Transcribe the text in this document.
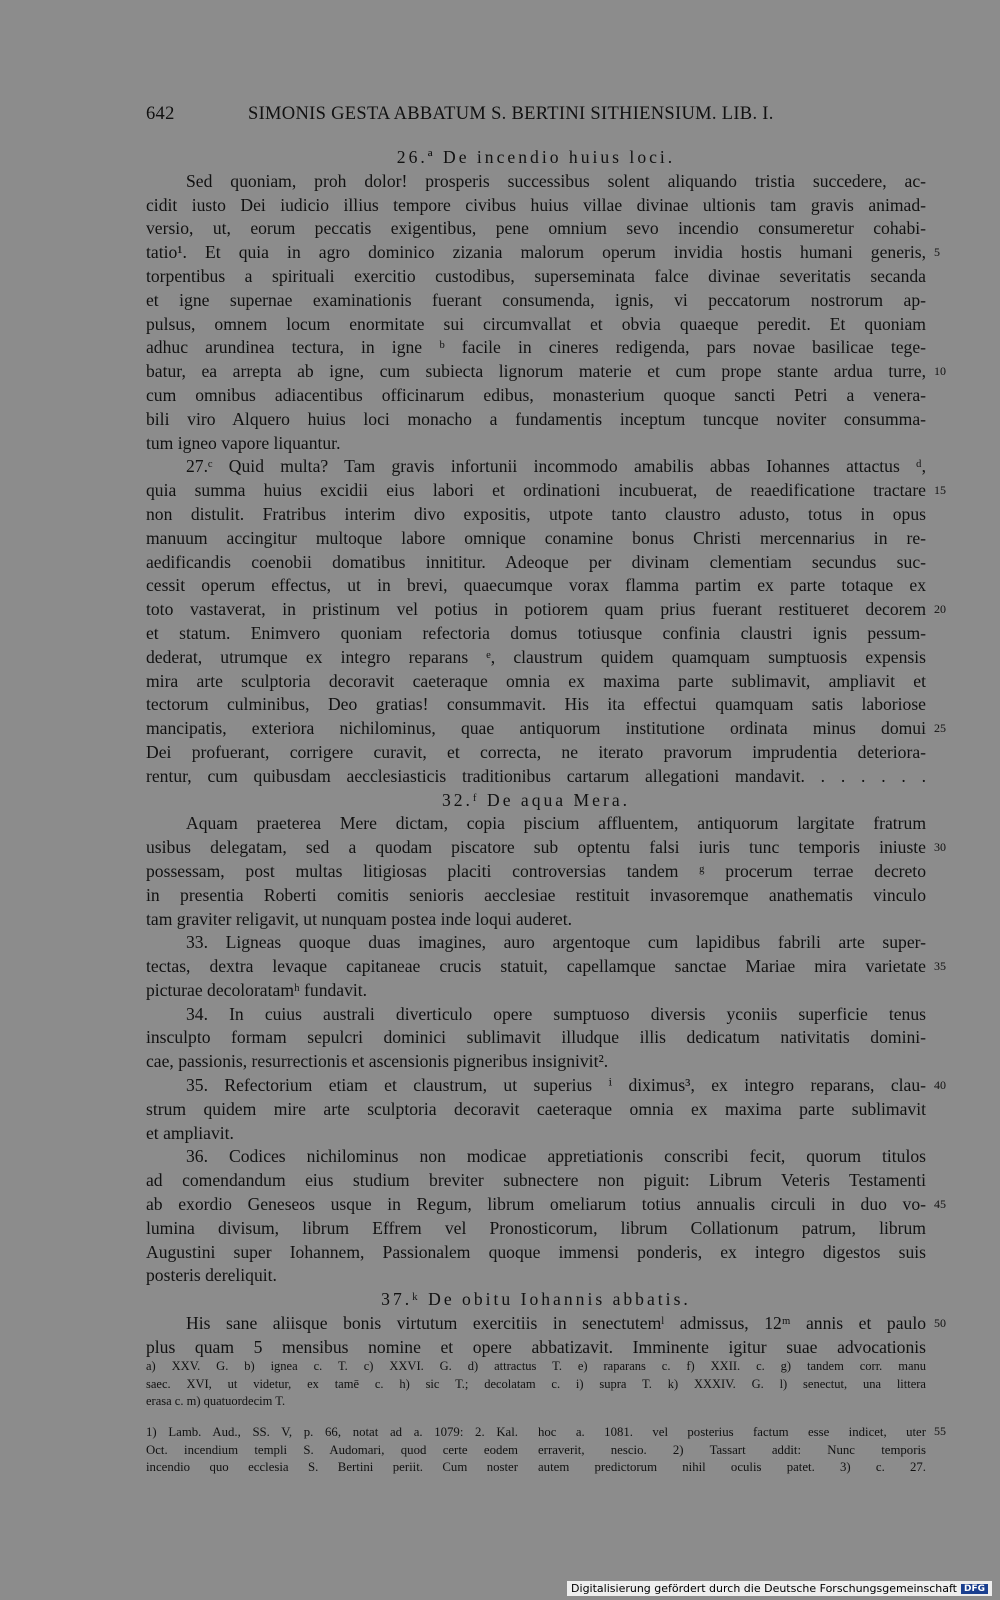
642	SIMONIS GESTA ABBATUM S. BERTINI SITHIENSIUM. LIB. I.
26.ª De incendio huius loci.
Sed quoniam, proh dolor! prosperis successibus solent aliquando tristia succedere, ac-
cidit iusto Dei iudicio illius tempore civibus huius villae divinae ultionis tam gravis animad-
versio, ut, eorum peccatis exigentibus, pene omnium sevo incendio consumeretur cohabi-
tatio¹. Et quia in agro dominico zizania malorum operum invidia hostis humani generis, 5
torpentibus a spirituali exercitio custodibus, superseminata falce divinae severitatis secanda
et igne supernae examinationis fuerant consumenda, ignis, vi peccatorum nostrorum ap-
pulsus, omnem locum enormitate sui circumvallat et obvia quaeque peredit. Et quoniam
adhuc arundinea tectura, in igne ᵇ facile in cineres redigenda, pars novae basilicae tege-
batur, ea arrepta ab igne, cum subiecta lignorum materie et cum prope stante ardua turre, 10
cum omnibus adiacentibus officinarum edibus, monasterium quoque sancti Petri a venera-
bili viro Alquero huius loci monacho a fundamentis inceptum tuncque noviter consumma-
tum igneo vapore liquantur.
27.ᶜ Quid multa? Tam gravis infortunii incommodo amabilis abbas Iohannes attactus ᵈ,
quia summa huius excidii eius labori et ordinationi incubuerat, de reaedificatione tractare 15
non distulit. Fratribus interim divo expositis, utpote tanto claustro adusto, totus in opus
manuum accingitur multoque labore omnique conamine bonus Christi mercennarius in re-
aedificandis coenobii domatibus innititur. Adeoque per divinam clementiam secundus suc-
cessit operum effectus, ut in brevi, quaecumque vorax flamma partim ex parte totaque ex
toto vastaverat, in pristinum vel potius in potiorem quam prius fuerant restitueret decorem 20
et statum. Enimvero quoniam refectoria domus totiusque confinia claustri ignis pessum-
dederat, utrumque ex integro reparans ᵉ, claustrum quidem quamquam sumptuosis expensis
mira arte sculptoria decoravit caeteraque omnia ex maxima parte sublimavit, ampliavit et
tectorum culminibus, Deo gratias! consummavit. His ita effectui quamquam satis laboriose
mancipatis, exteriora nichilominus, quae antiquorum institutione ordinata minus domui 25
Dei profuerant, corrigere curavit, et correcta, ne iterato pravorum imprudentia deteriora-
rentur, cum quibusdam aecclesiasticis traditionibus cartarum allegationi mandavit. . . . . . .
32.ᶠ De aqua Mera.
Aquam praeterea Mere dictam, copia piscium affluentem, antiquorum largitate fratrum
usibus delegatam, sed a quodam piscatore sub optentu falsi iuris tunc temporis iniuste 30
possessam, post multas litigiosas placiti controversias tandem ᵍ procerum terrae decreto
in presentia Roberti comitis senioris aecclesiae restituit invasoremque anathematis vinculo
tam graviter religavit, ut nunquam postea inde loqui auderet.
33. Ligneas quoque duas imagines, auro argentoque cum lapidibus fabrili arte super-
tectas, dextra levaque capitaneae crucis statuit, capellamque sanctae Mariae mira varietate 35
picturae decoloratamʰ fundavit.
34. In cuius australi diverticulo opere sumptuoso diversis yconiis superficie tenus
insculpto formam sepulcri dominici sublimavit illudque illis dedicatum nativitatis domini-
cae, passionis, resurrectionis et ascensionis pigneribus insignivit².
35. Refectorium etiam et claustrum, ut superius ⁱ diximus³, ex integro reparans, clau- 40
strum quidem mire arte sculptoria decoravit caeteraque omnia ex maxima parte sublimavit
et ampliavit.
36. Codices nichilominus non modicae appretiationis conscribi fecit, quorum titulos
ad comendandum eius studium breviter subnectere non piguit: Librum Veteris Testamenti
ab exordio Geneseos usque in Regum, librum omeliarum totius annualis circuli in duo vo- 45
lumina divisum, librum Effrem vel Pronosticorum, librum Collationum patrum, librum
Augustini super Iohannem, Passionalem quoque immensi ponderis, ex integro digestos suis
posteris dereliquit.
37.ᵏ De obitu Iohannis abbatis.
His sane aliisque bonis virtutum exercitiis in senectutemˡ admissus, 12ᵐ annis et paulo 50
plus quam 5 mensibus nomine et opere abbatizavit. Imminente igitur suae advocationis
a) XXV. G. b) ignea c. T. c) XXVI. G. d) attractus T. e) raparans c. f) XXII. c. g) tandem corr. manu
saec. XVI, ut videtur, ex tamē c. h) sic T.; decolatam c. i) supra T. k) XXXIV. G. l) senectut, una littera
erasa c. m) quatuordecim T.
1) Lamb. Aud., SS. V, p. 66, notat ad a. 1079: 2. Kal.
Oct. incendium templi S. Audomari, quod certe eodem
incendio quo ecclesia S. Bertini periit. Cum noster
hoc a. 1081. vel posterius factum esse indicet, uter
erraverit, nescio. 2) Tassart addit: Nunc temporis
autem predictorum nihil oculis patet. 3) c. 27.
55
Digitalisierung gefördert durch die Deutsche Forschungsgemeinschaft DFG
